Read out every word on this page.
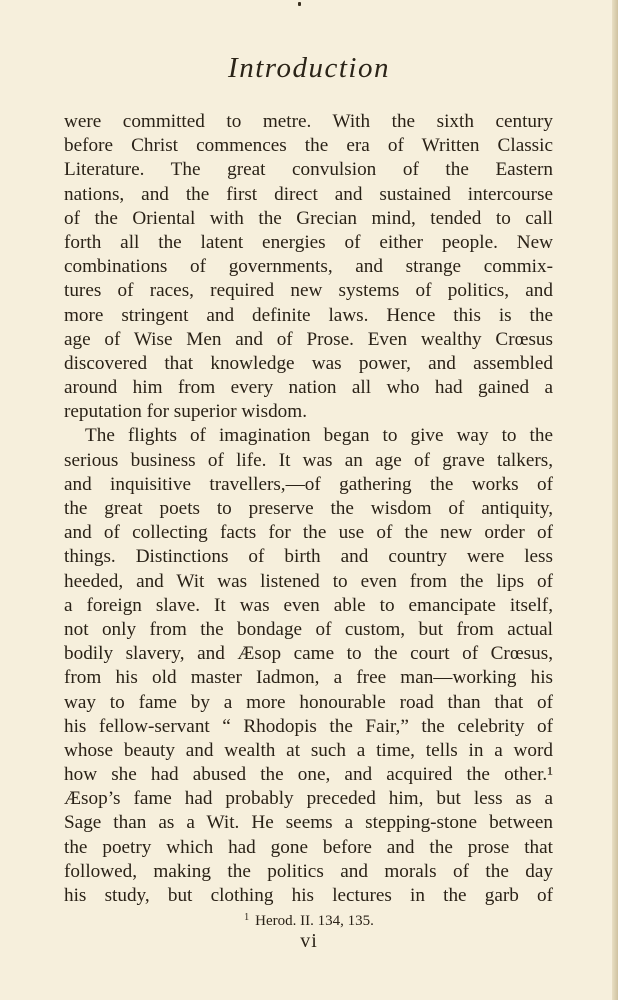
Introduction
were committed to metre. With the sixth century
before Christ commences the era of Written Classic
Literature. The great convulsion of the Eastern
nations, and the first direct and sustained intercourse
of the Oriental with the Grecian mind, tended to call
forth all the latent energies of either people. New
combinations of governments, and strange commix-
tures of races, required new systems of politics, and
more stringent and definite laws. Hence this is the
age of Wise Men and of Prose. Even wealthy Crœsus
discovered that knowledge was power, and assembled
around him from every nation all who had gained a
reputation for superior wisdom.
The flights of imagination began to give way to the
serious business of life. It was an age of grave talkers,
and inquisitive travellers,—of gathering the works of
the great poets to preserve the wisdom of antiquity,
and of collecting facts for the use of the new order of
things. Distinctions of birth and country were less
heeded, and Wit was listened to even from the lips of
a foreign slave. It was even able to emancipate itself,
not only from the bondage of custom, but from actual
bodily slavery, and Æsop came to the court of Crœsus,
from his old master Iadmon, a free man—working his
way to fame by a more honourable road than that of
his fellow-servant “ Rhodopis the Fair,” the celebrity of
whose beauty and wealth at such a time, tells in a word
how she had abused the one, and acquired the other.¹
Æsop’s fame had probably preceded him, but less as a
Sage than as a Wit. He seems a stepping-stone between
the poetry which had gone before and the prose that
followed, making the politics and morals of the day
his study, but clothing his lectures in the garb of
$^1$ Herod. II. 134, 135.
vi
